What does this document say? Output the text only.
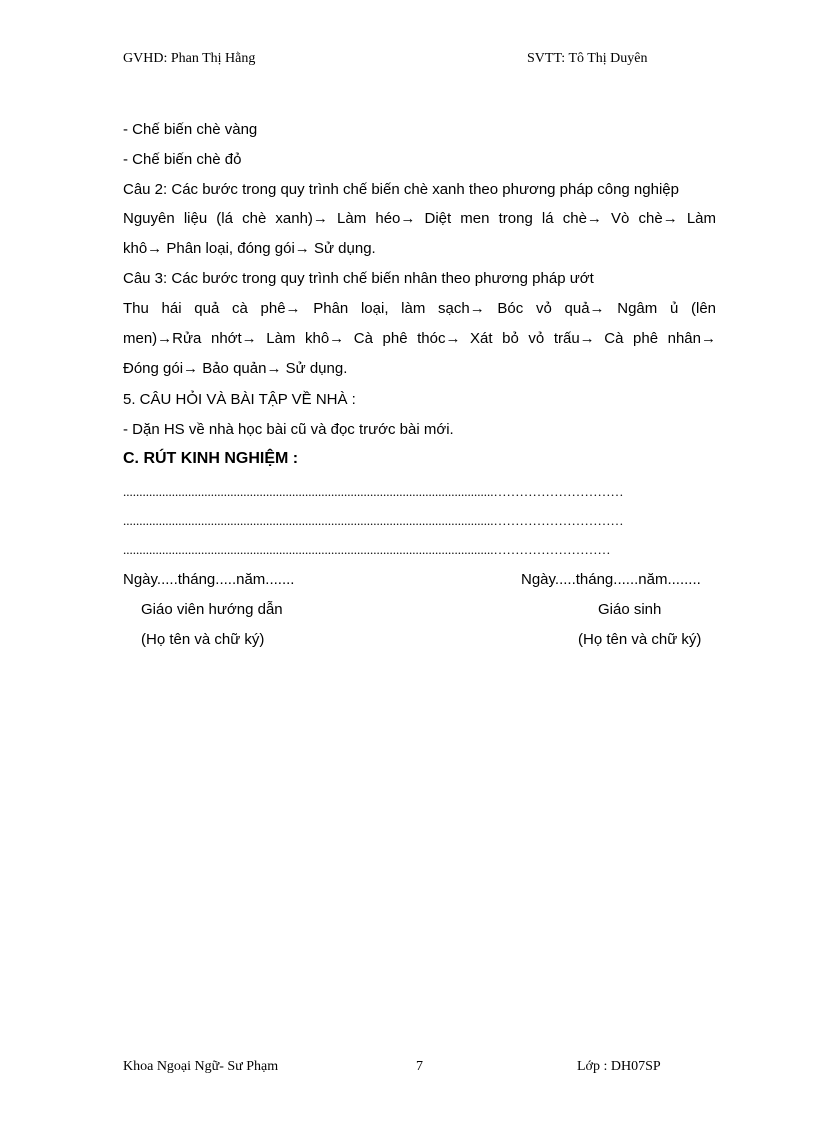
GVHD: Phan Thị Hằng	SVTT: Tô Thị Duyên
- Chế biến chè vàng
- Chế biến chè đỏ
Câu 2: Các bước trong quy trình chế biến chè xanh theo phương pháp công nghiệp
Nguyên liệu (lá chè xanh)→ Làm héo→ Diệt men trong lá chè→ Vò chè→ Làm
khô→ Phân loại, đóng gói→ Sử dụng.
Câu 3: Các bước trong quy trình chế biến nhân theo phương pháp ướt
Thu hái quả cà phê→ Phân loại, làm sạch→ Bóc vỏ quả→ Ngâm ủ (lên
men)→Rửa nhớt→ Làm khô→ Cà phê thóc→ Xát bỏ vỏ trấu→ Cà phê nhân→
Đóng gói→ Bảo quản→ Sử dụng.
5. CÂU HỎI VÀ BÀI TẬP VỀ NHÀ :
- Dặn HS về nhà học bài cũ và đọc trước bài mới.
C. RÚT KINH NGHIỆM :
..................................................................................................................…………………………
..................................................................................................................…………………………
..................................................................................................................………………………
Ngày.....tháng.....năm.......
Giáo viên hướng dẫn
(Họ tên và chữ ký)
Ngày.....tháng......năm........
Giáo sinh
(Họ tên và chữ ký)
Khoa Ngoại Ngữ- Sư Phạm	7	Lớp : DH07SP
